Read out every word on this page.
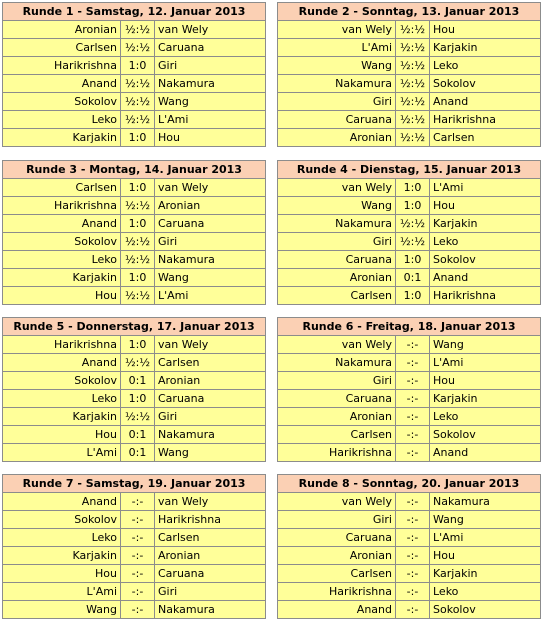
Runde 1 - Samstag, 12. Januar 2013		
Aronian	½:½	van Wely
Carlsen	½:½	Caruana
Harikrishna	1:0	Giri
Anand	½:½	Nakamura
Sokolov	½:½	Wang
Leko	½:½	L'Ami
Karjakin	1:0	Hou
Runde 2 - Sonntag, 13. Januar 2013		
van Wely	½:½	Hou
L'Ami	½:½	Karjakin
Wang	½:½	Leko
Nakamura	½:½	Sokolov
Giri	½:½	Anand
Caruana	½:½	Harikrishna
Aronian	½:½	Carlsen
Runde 3 - Montag, 14. Januar 2013		
Carlsen	1:0	van Wely
Harikrishna	½:½	Aronian
Anand	1:0	Caruana
Sokolov	½:½	Giri
Leko	½:½	Nakamura
Karjakin	1:0	Wang
Hou	½:½	L'Ami
Runde 4 - Dienstag, 15. Januar 2013		
van Wely	1:0	L'Ami
Wang	1:0	Hou
Nakamura	½:½	Karjakin
Giri	½:½	Leko
Caruana	1:0	Sokolov
Aronian	0:1	Anand
Carlsen	1:0	Harikrishna
Runde 5 - Donnerstag, 17. Januar 2013		
Harikrishna	1:0	van Wely
Anand	½:½	Carlsen
Sokolov	0:1	Aronian
Leko	1:0	Caruana
Karjakin	½:½	Giri
Hou	0:1	Nakamura
L'Ami	0:1	Wang
Runde 6 - Freitag, 18. Januar 2013		
van Wely	-:-	Wang
Nakamura	-:-	L'Ami
Giri	-:-	Hou
Caruana	-:-	Karjakin
Aronian	-:-	Leko
Carlsen	-:-	Sokolov
Harikrishna	-:-	Anand
Runde 7 - Samstag, 19. Januar 2013		
Anand	-:-	van Wely
Sokolov	-:-	Harikrishna
Leko	-:-	Carlsen
Karjakin	-:-	Aronian
Hou	-:-	Caruana
L'Ami	-:-	Giri
Wang	-:-	Nakamura
Runde 8 - Sonntag, 20. Januar 2013		
van Wely	-:-	Nakamura
Giri	-:-	Wang
Caruana	-:-	L'Ami
Aronian	-:-	Hou
Carlsen	-:-	Karjakin
Harikrishna	-:-	Leko
Anand	-:-	Sokolov
